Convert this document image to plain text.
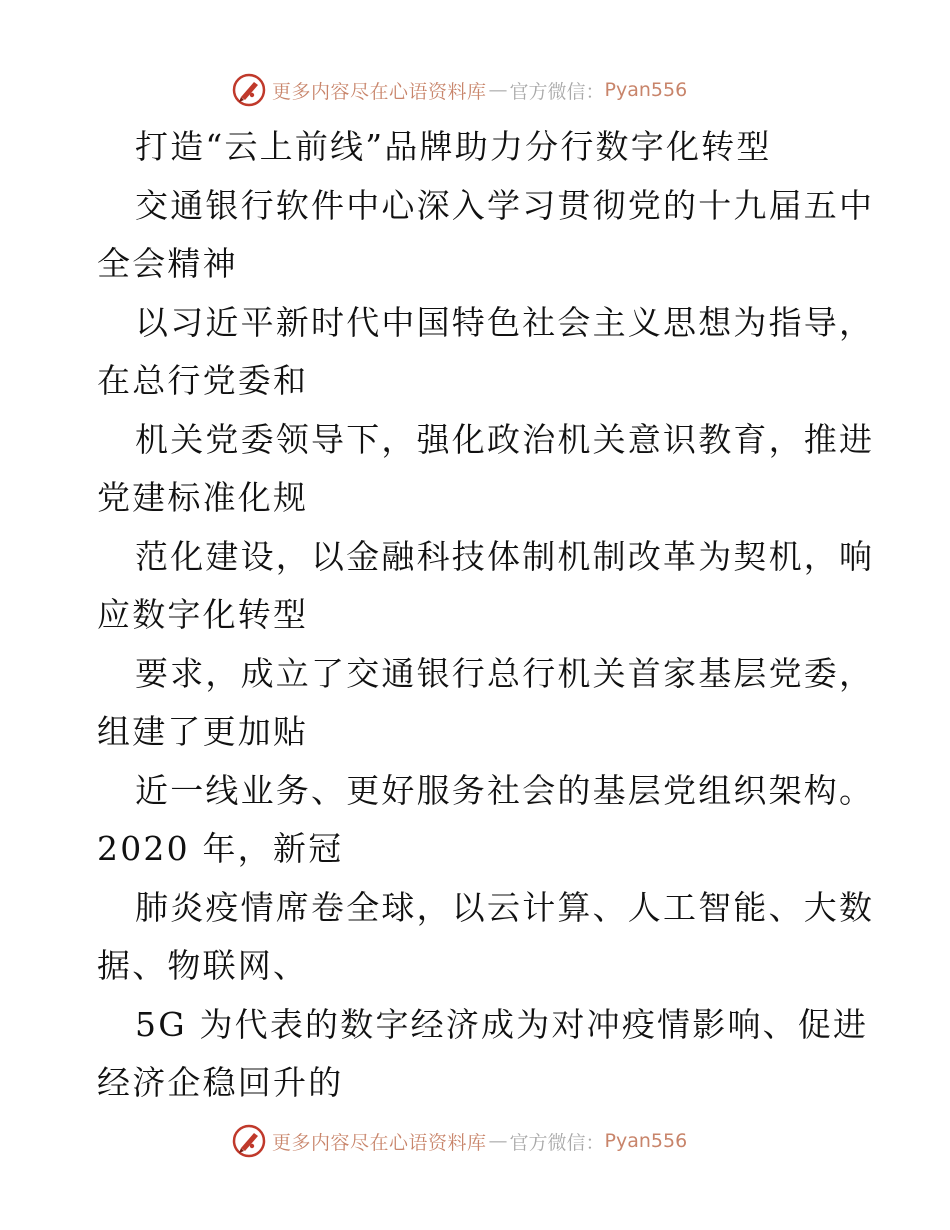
更多内容尽在心语资料库 — 官方微信： Pyan556
打造“云上前线”品牌助力分行数字化转型
交通银行软件中心深入学习贯彻党的十九届五中
全会精神
以习近平新时代中国特色社会主义思想为指导，
在总行党委和
机关党委领导下，强化政治机关意识教育，推进
党建标准化规
范化建设，以金融科技体制机制改革为契机，响
应数字化转型
要求，成立了交通银行总行机关首家基层党委，
组建了更加贴
近一线业务、更好服务社会的基层党组织架构。
2020 年，新冠
肺炎疫情席卷全球，以云计算、人工智能、大数
据、物联网、
5G 为代表的数字经济成为对冲疫情影响、促进
经济企稳回升的
更多内容尽在心语资料库 — 官方微信： Pyan556
